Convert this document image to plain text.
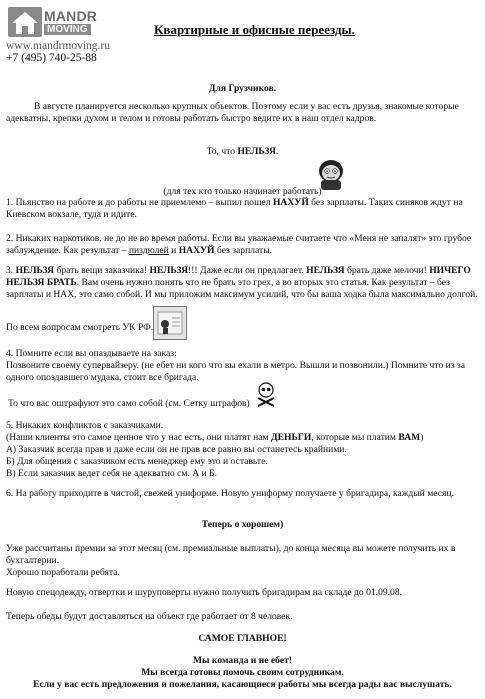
MANDR
MOVING
www.mandrmoving.ru
+7 (495) 740-25-88
Квартирные и офисные переезды.
Для Грузчиков.
В августе планируется несколько крупных объектов. Поэтому если у вас есть друзья, знакомые которые адекватны, крепки духом и телом и готовы работать быстро ведите их в наш отдел кадров.
То, что НЕЛЬЗЯ.
(для тех кто только начинает работать)
1. Пьянство на работе и до работы не приемлемо – выпил пошел НАХУЙ без зарплаты. Таких синяков ждут на Киевском вокзале, туда и идите.
2. Никаких наркотиков, не до не во время работы. Если вы уважаемые считаете что «Меня не запалят» это грубое заблуждение. Как результат – пиздюлей и НАХУЙ без зарплаты.
3. НЕЛЬЗЯ брать вещи заказчика! НЕЛЬЗЯ!!! Даже если он предлагает. НЕЛЬЗЯ брать даже мелочи! НИЧЕГО НЕЛЬЗЯ БРАТЬ. Вам очень нужно понять что не брать это грех, а во вторых это статья. Как результат – без зарплаты и НАХ, это само собой. И мы приложим максимум усилий, что бы ваша ходка была максимально долгой.
По всем вопросам смотреть УК РФ.
4. Помните если вы опаздываете на заказ:
Позвоните своему супервайзеру. (не ебет ни кого что вы ехали в метро. Вышли и позвонили.) Помните что из за одного опоздавшего мудака, стоит все бригада.
То что вас оштрафуют это само собой (см. Сетку штрафов)
5. Никаких конфликтов с заказчиками.
(Наши клиенты это самое ценное что у нас есть, они платят нам ДЕНЬГИ, которые мы платим ВАМ)
А) Заказчик всегда прав и даже если он не прав все равно вы останетесь крайними.
Б) Для общения с заказчиком есть менеджер ему это и оставьте.
В) Если заказчик ведет себя не адекватно см. А и Б.
6. На работу приходите в чистой, свежей униформе. Новую униформу получаете у бригадира, каждый месяц.
Теперь о хорошем)
Уже рассчитаны премии за этот месяц (см. премиальные выплаты), до конца месяца вы можете получить их в бухгалтерии.
Хорошо поработали ребята.
Новую спецодежду, отвертки и шуруповерты нужно получить бригадирам на складе до 01.09.08.
Теперь обеды будут доставляться на объект где работает от 8 человек.
САМОЕ ГЛАВНОЕ!
Мы команда и не ебет!
Мы всегда готовы помочь своим сотрудникам.
Если у вас есть предложения и пожелания, касающиеся работы мы всегда рады вас выслушать.
